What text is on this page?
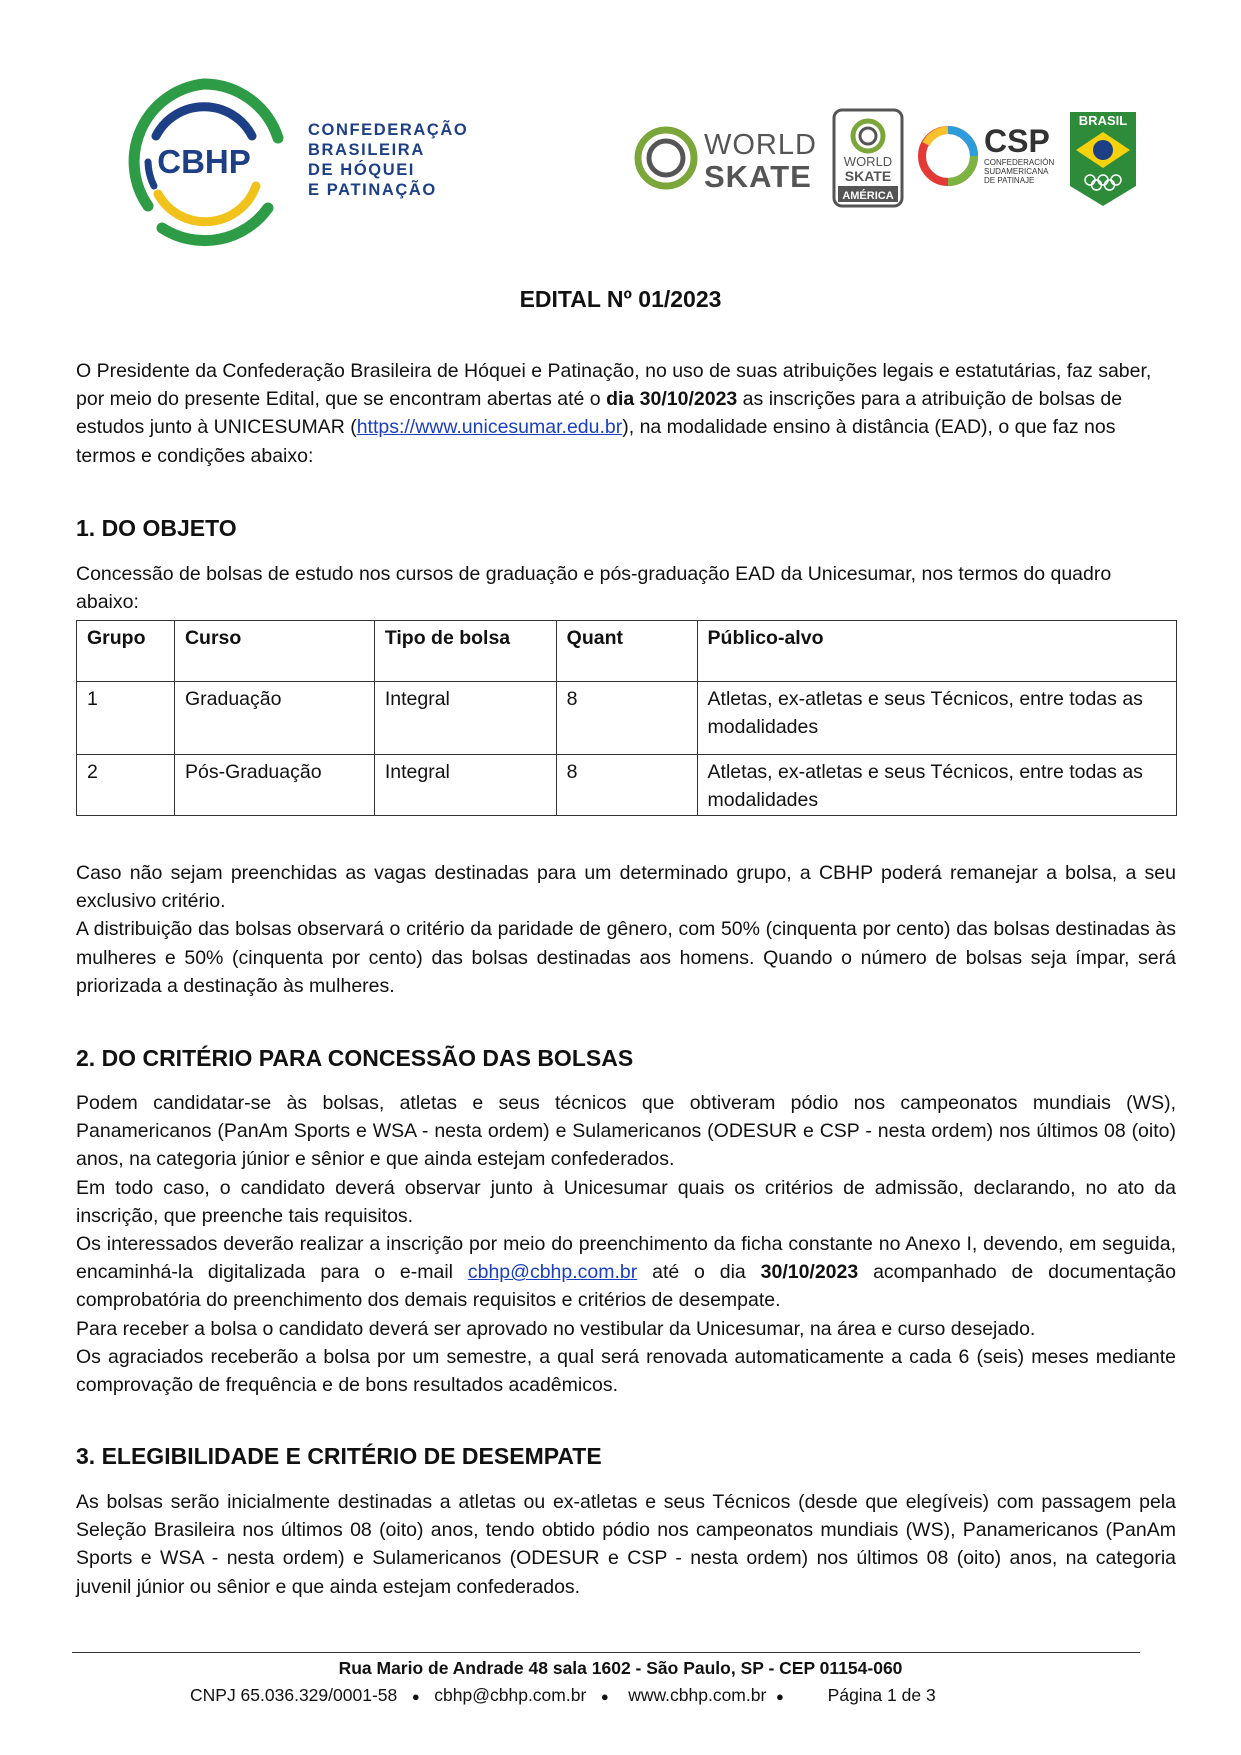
CBHP
CONFEDERAÇÃO
BRASILEIRA
DE HÓQUEI
E PATINAÇÃO
WORLD
SKATE WORLD
SKATE
AMÉRICA
CSP
CONFEDERACIÓN
SUDAMERICANA
DE PATINAJE
BRASIL
EDITAL Nº 01/2023
O Presidente da Confederação Brasileira de Hóquei e Patinação, no uso de suas atribuições legais e estatutárias, faz saber, por meio do presente Edital, que se encontram abertas até o dia 30/10/2023 as inscrições para a atribuição de bolsas de estudos junto à UNICESUMAR (https://www.unicesumar.edu.br), na modalidade ensino à distância (EAD), o que faz nos termos e condições abaixo:
1. DO OBJETO
Concessão de bolsas de estudo nos cursos de graduação e pós-graduação EAD da Unicesumar, nos termos do quadro abaixo:
Grupo	Curso	Tipo de bolsa	Quant	Público-alvo
1	Graduação	Integral	8	Atletas, ex-atletas e seus Técnicos, entre todas as modalidades
2	Pós-Graduação	Integral	8	Atletas, ex-atletas e seus Técnicos, entre todas as modalidades
Caso não sejam preenchidas as vagas destinadas para um determinado grupo, a CBHP poderá remanejar a bolsa, a seu exclusivo critério.
A distribuição das bolsas observará o critério da paridade de gênero, com 50% (cinquenta por cento) das bolsas destinadas às mulheres e 50% (cinquenta por cento) das bolsas destinadas aos homens. Quando o número de bolsas seja ímpar, será priorizada a destinação às mulheres.
2. DO CRITÉRIO PARA CONCESSÃO DAS BOLSAS
Podem candidatar-se às bolsas, atletas e seus técnicos que obtiveram pódio nos campeonatos mundiais (WS), Panamericanos (PanAm Sports e WSA - nesta ordem) e Sulamericanos (ODESUR e CSP - nesta ordem) nos últimos 08 (oito) anos, na categoria júnior e sênior e que ainda estejam confederados.
Em todo caso, o candidato deverá observar junto à Unicesumar quais os critérios de admissão, declarando, no ato da inscrição, que preenche tais requisitos.
Os interessados deverão realizar a inscrição por meio do preenchimento da ficha constante no Anexo I, devendo, em seguida, encaminhá-la digitalizada para o e-mail cbhp@cbhp.com.br até o dia 30/10/2023 acompanhado de documentação comprobatória do preenchimento dos demais requisitos e critérios de desempate.
Para receber a bolsa o candidato deverá ser aprovado no vestibular da Unicesumar, na área e curso desejado.
Os agraciados receberão a bolsa por um semestre, a qual será renovada automaticamente a cada 6 (seis) meses mediante comprovação de frequência e de bons resultados acadêmicos.
3. ELEGIBILIDADE E CRITÉRIO DE DESEMPATE
As bolsas serão inicialmente destinadas a atletas ou ex-atletas e seus Técnicos (desde que elegíveis) com passagem pela Seleção Brasileira nos últimos 08 (oito) anos, tendo obtido pódio nos campeonatos mundiais (WS), Panamericanos (PanAm Sports e WSA - nesta ordem) e Sulamericanos (ODESUR e CSP - nesta ordem) nos últimos 08 (oito) anos, na categoria juvenil júnior ou sênior e que ainda estejam confederados.
Rua Mario de Andrade 48 sala 1602 - São Paulo, SP - CEP 01154-060
CNPJ 65.036.329/0001-58 ● cbhp@cbhp.com.br ● www.cbhp.com.br ●	Página 1 de 3
